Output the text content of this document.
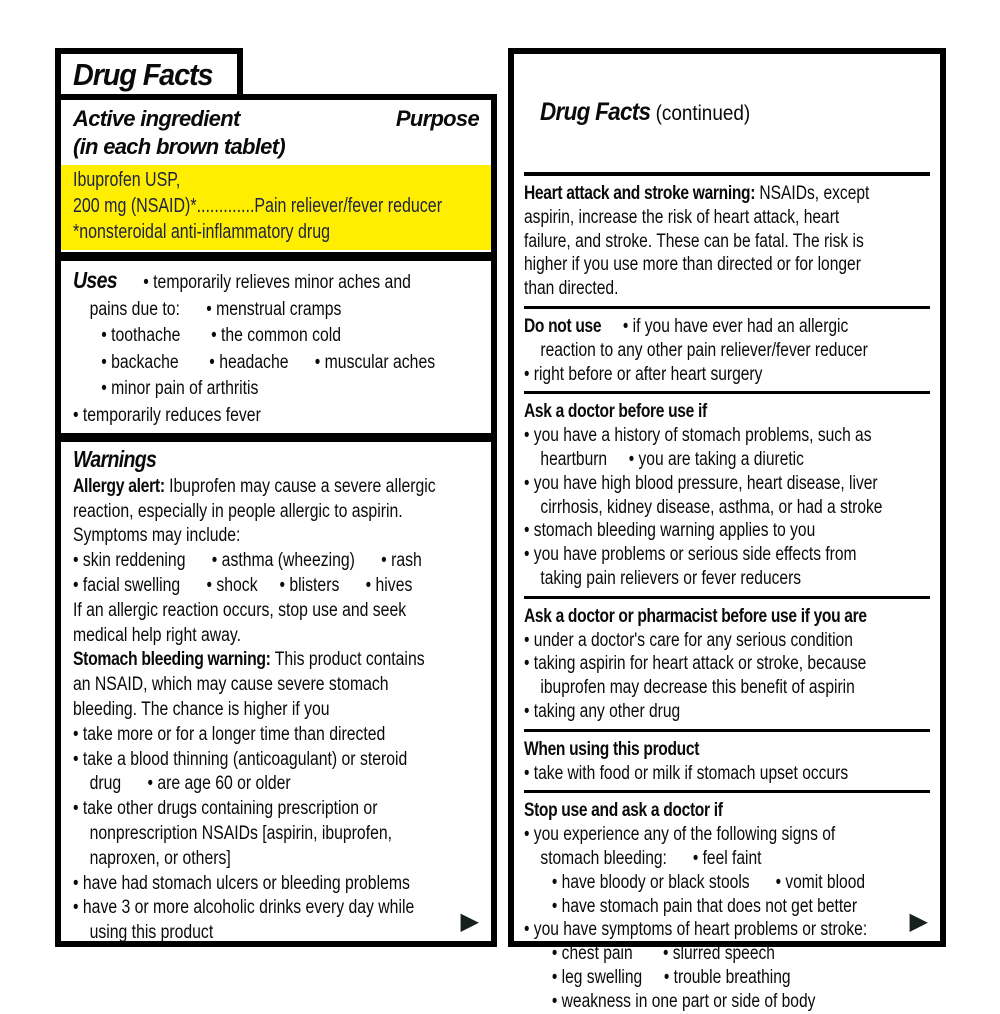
Drug Facts
Active ingredient	Purpose
(in each brown tablet)
Ibuprofen USP,
200 mg (NSAID)*.............Pain reliever/fever reducer
*nonsteroidal anti-inflammatory drug
Uses      • temporarily relieves minor aches and
pains due to:      • menstrual cramps
• toothache       • the common cold
• backache       • headache      • muscular aches
• minor pain of arthritis
• temporarily reduces fever
Warnings
Allergy alert: Ibuprofen may cause a severe allergic
reaction, especially in people allergic to aspirin.
Symptoms may include:
• skin reddening      • asthma (wheezing)      • rash
• facial swelling      • shock     • blisters      • hives
If an allergic reaction occurs, stop use and seek
medical help right away.
Stomach bleeding warning: This product contains
an NSAID, which may cause severe stomach
bleeding. The chance is higher if you
• take more or for a longer time than directed
• take a blood thinning (anticoagulant) or steroid
drug      • are age 60 or older
• take other drugs containing prescription or
nonprescription NSAIDs [aspirin, ibuprofen,
naproxen, or others]
• have had stomach ulcers or bleeding problems
• have 3 or more alcoholic drinks every day while
using this product	▶

Drug Facts (continued)

Heart attack and stroke warning: NSAIDs, except
aspirin, increase the risk of heart attack, heart
failure, and stroke. These can be fatal. The risk is
higher if you use more than directed or for longer
than directed.
Do not use     • if you have ever had an allergic
reaction to any other pain reliever/fever reducer
• right before or after heart surgery
Ask a doctor before use if
• you have a history of stomach problems, such as
heartburn     • you are taking a diuretic
• you have high blood pressure, heart disease, liver
cirrhosis, kidney disease, asthma, or had a stroke
• stomach bleeding warning applies to you
• you have problems or serious side effects from
taking pain relievers or fever reducers
Ask a doctor or pharmacist before use if you are
• under a doctor's care for any serious condition
• taking aspirin for heart attack or stroke, because
ibuprofen may decrease this benefit of aspirin
• taking any other drug
When using this product
• take with food or milk if stomach upset occurs
Stop use and ask a doctor if
• you experience any of the following signs of
stomach bleeding:      • feel faint
• have bloody or black stools      • vomit blood
• have stomach pain that does not get better
• you have symptoms of heart problems or stroke:
• chest pain       • slurred speech
• leg swelling     • trouble breathing
• weakness in one part or side of body
▶
